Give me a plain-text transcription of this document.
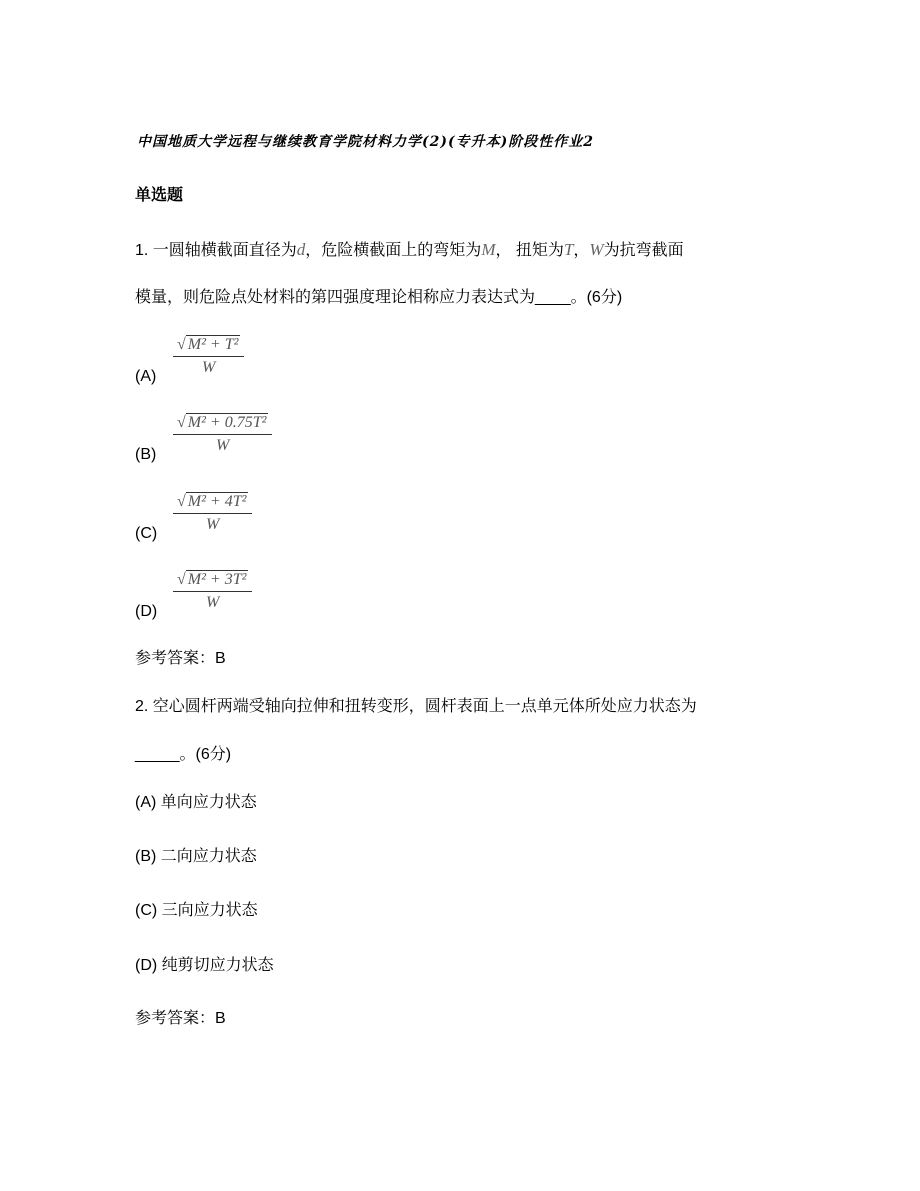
中国地质大学远程与继续教育学院材料力学(2)(专升本)阶段性作业2
单选题
1. 一圆轴横截面直径为d，危险横截面上的弯矩为M， 扭矩为T，W为抗弯截面
模量，则危险点处材料的第四强度理论相称应力表达式为____。(6分)
$(A) \frac{\text{√ M² + T²}}{W}$
$(B) \frac{\text{√ M² + 0.75T²}}{W}$
$(C) \frac{\text{√ M² + 4T²}}{W}$
$(D) \frac{\text{√ M² + 3T²}}{W}$
参考答案：B
2. 空心圆杆两端受轴向拉伸和扭转变形，圆杆表面上一点单元体所处应力状态为
_____。(6分)
(A) 单向应力状态
(B) 二向应力状态
(C) 三向应力状态
(D) 纯剪切应力状态
参考答案：B
